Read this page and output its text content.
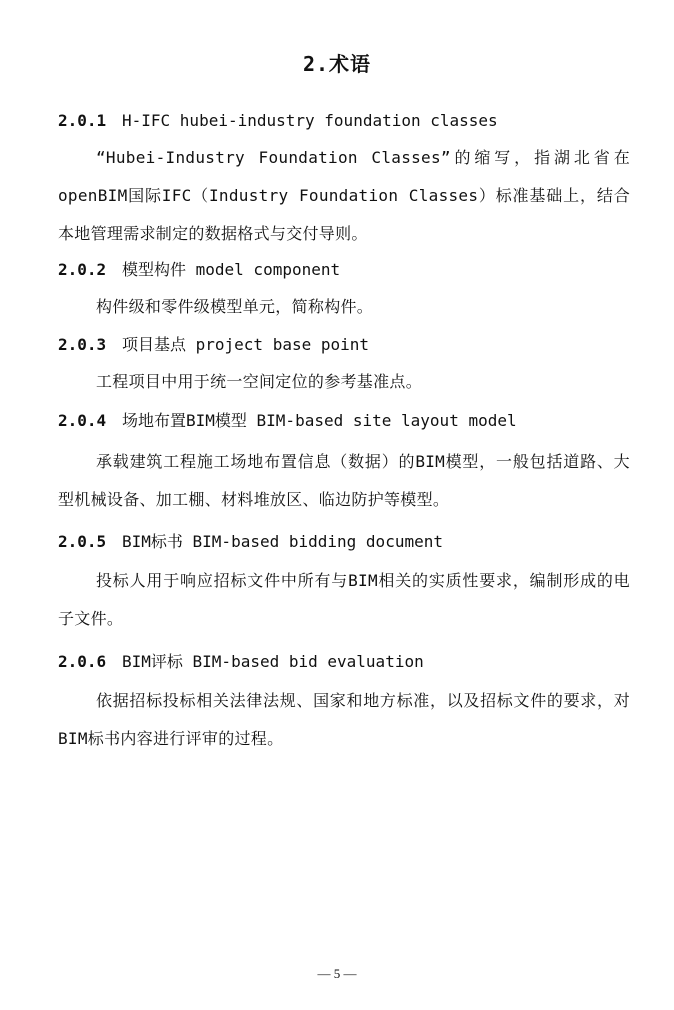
2.术语
2.0.1 H-IFC hubei-industry foundation classes
“Hubei-Industry Foundation Classes”的缩写，指湖北省在openBIM国际IFC（Industry Foundation Classes）标准基础上，结合本地管理需求制定的数据格式与交付导则。
2.0.2 模型构件 model component
构件级和零件级模型单元，简称构件。
2.0.3 项目基点 project base point
工程项目中用于统一空间定位的参考基准点。
2.0.4 场地布置BIM模型 BIM-based site layout model
承载建筑工程施工场地布置信息（数据）的BIM模型，一般包括道路、大型机械设备、加工棚、材料堆放区、临边防护等模型。
2.0.5 BIM标书 BIM-based bidding document
投标人用于响应招标文件中所有与BIM相关的实质性要求，编制形成的电子文件。
2.0.6 BIM评标 BIM-based bid evaluation
依据招标投标相关法律法规、国家和地方标准，以及招标文件的要求，对BIM标书内容进行评审的过程。
— 5 —
